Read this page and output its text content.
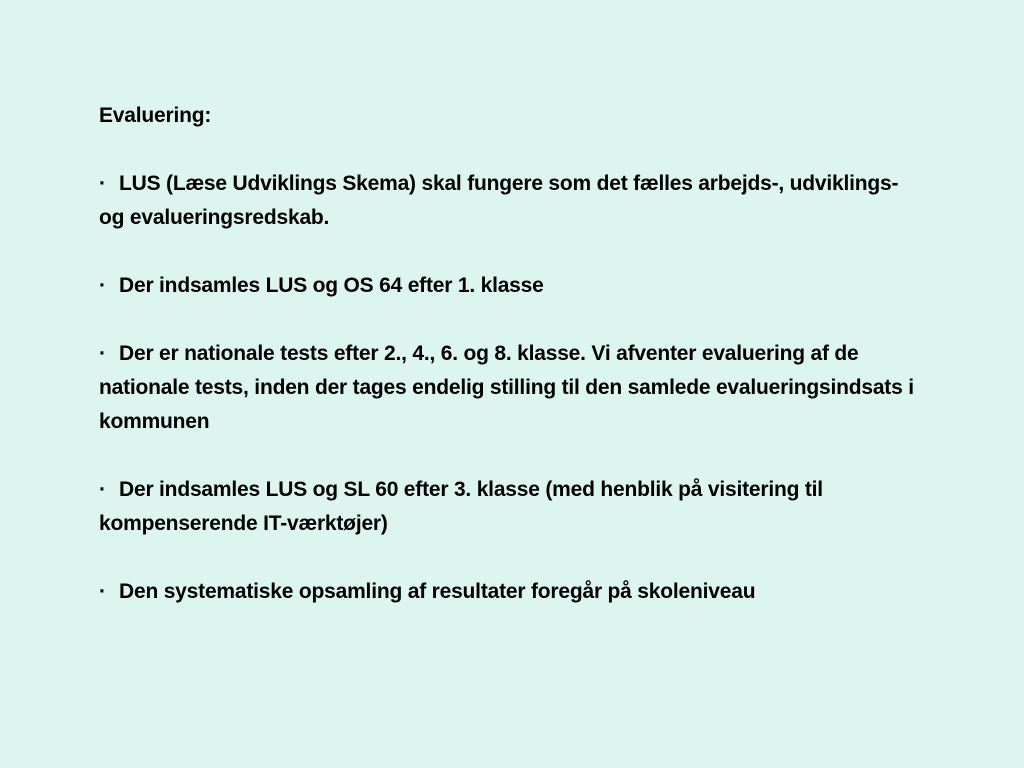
Evaluering:
· LUS (Læse Udviklings Skema) skal fungere som det fælles arbejds-, udviklings- og evalueringsredskab.
· Der indsamles LUS og OS 64 efter 1. klasse
· Der er nationale tests efter 2., 4., 6. og 8. klasse. Vi afventer evaluering af de nationale tests, inden der tages endelig stilling til den samlede evalueringsindsats i kommunen
· Der indsamles LUS og SL 60 efter 3. klasse (med henblik på visitering til kompenserende IT-værktøjer)
· Den systematiske opsamling af resultater foregår på skoleniveau
